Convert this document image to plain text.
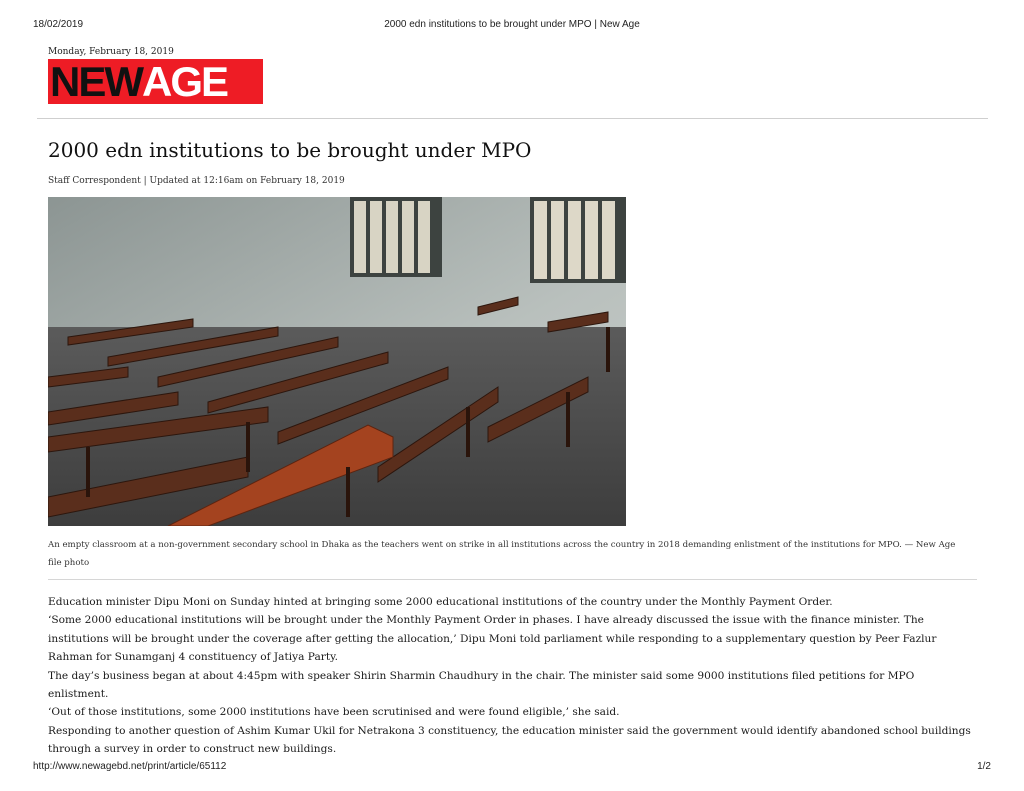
18/02/2019	2000 edn institutions to be brought under MPO | New Age
Monday, February 18, 2019
NEW AGE
2000 edn institutions to be brought under MPO
Staff Correspondent | Updated at 12:16am on February 18, 2019

An empty classroom at a non-government secondary school in Dhaka as the teachers went on strike in all institutions across the country in 2018 demanding enlistment of the institutions for MPO. — New Age file photo

Education minister Dipu Moni on Sunday hinted at bringing some 2000 educational institutions of the country under the Monthly Payment Order.

‘Some 2000 educational institutions will be brought under the Monthly Payment Order in phases. I have already discussed the issue with the finance minister. The institutions will be brought under the coverage after getting the allocation,’ Dipu Moni told parliament while responding to a supplementary question by Peer Fazlur Rahman for Sunamganj 4 constituency of Jatiya Party.

The day’s business began at about 4:45pm with speaker Shirin Sharmin Chaudhury in the chair. The minister said some 9000 institutions filed petitions for MPO enlistment.

‘Out of those institutions, some 2000 institutions have been scrutinised and were found eligible,’ she said.

Responding to another question of Ashim Kumar Ukil for Netrakona 3 constituency, the education minister said the government would identify abandoned school buildings through a survey in order to construct new buildings.

http://www.newagebd.net/print/article/65112	1/2
